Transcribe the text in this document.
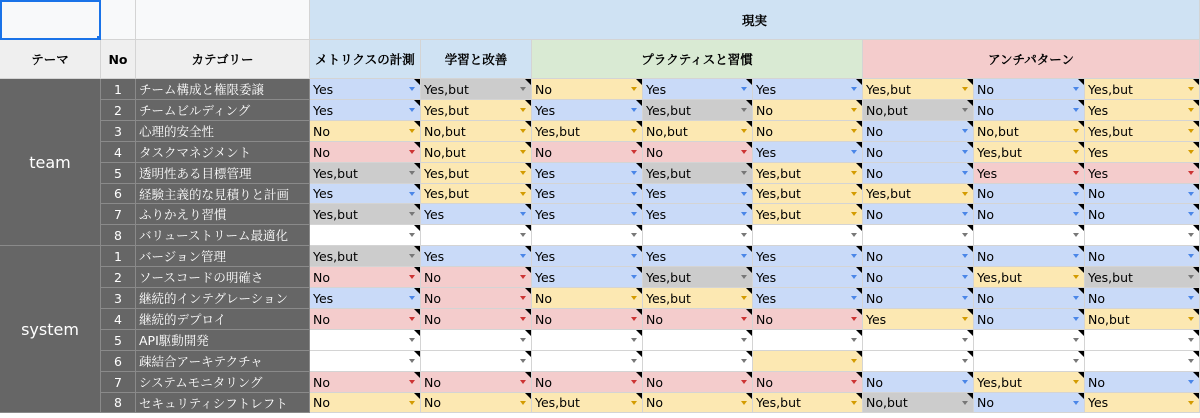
現実
テーマ	No	カテゴリー	メトリクスの計測	学習と改善	プラクティスと習慣	アンチパターン
team
system
1	チーム構成と権限委譲	Yes	Yes,but	No	Yes	Yes	Yes,but	No	Yes,but
2	チームビルディング	Yes	Yes,but	Yes	Yes,but	No	No,but	No	Yes
3	心理的安全性	No	No,but	Yes,but	No,but	No	No	No,but	Yes,but
4	タスクマネジメント	No	No,but	No	No	Yes	No	Yes,but	Yes
5	透明性ある目標管理	Yes,but	Yes,but	Yes	Yes,but	Yes,but	No	Yes	Yes
6	経験主義的な見積りと計画	Yes	Yes,but	Yes	Yes	Yes,but	Yes,but	No	No
7	ふりかえり習慣	Yes,but	Yes	Yes	Yes	Yes,but	No	No	No
8	バリューストリーム最適化
1	バージョン管理	Yes,but	Yes	Yes	Yes	Yes	No	No	No
2	ソースコードの明確さ	No	No	Yes	Yes,but	Yes	No	Yes,but	Yes,but
3	継続的インテグレーション	Yes	No	No	Yes,but	Yes	No	No	No
4	継続的デプロイ	No	No	No	No	No	Yes	No	No,but
5	API駆動開発
6	疎結合アーキテクチャ
7	システムモニタリング	No	No	No	No	No	No	Yes,but	No
8	セキュリティシフトレフト	No	No	Yes,but	No	Yes,but	No,but	No	Yes
